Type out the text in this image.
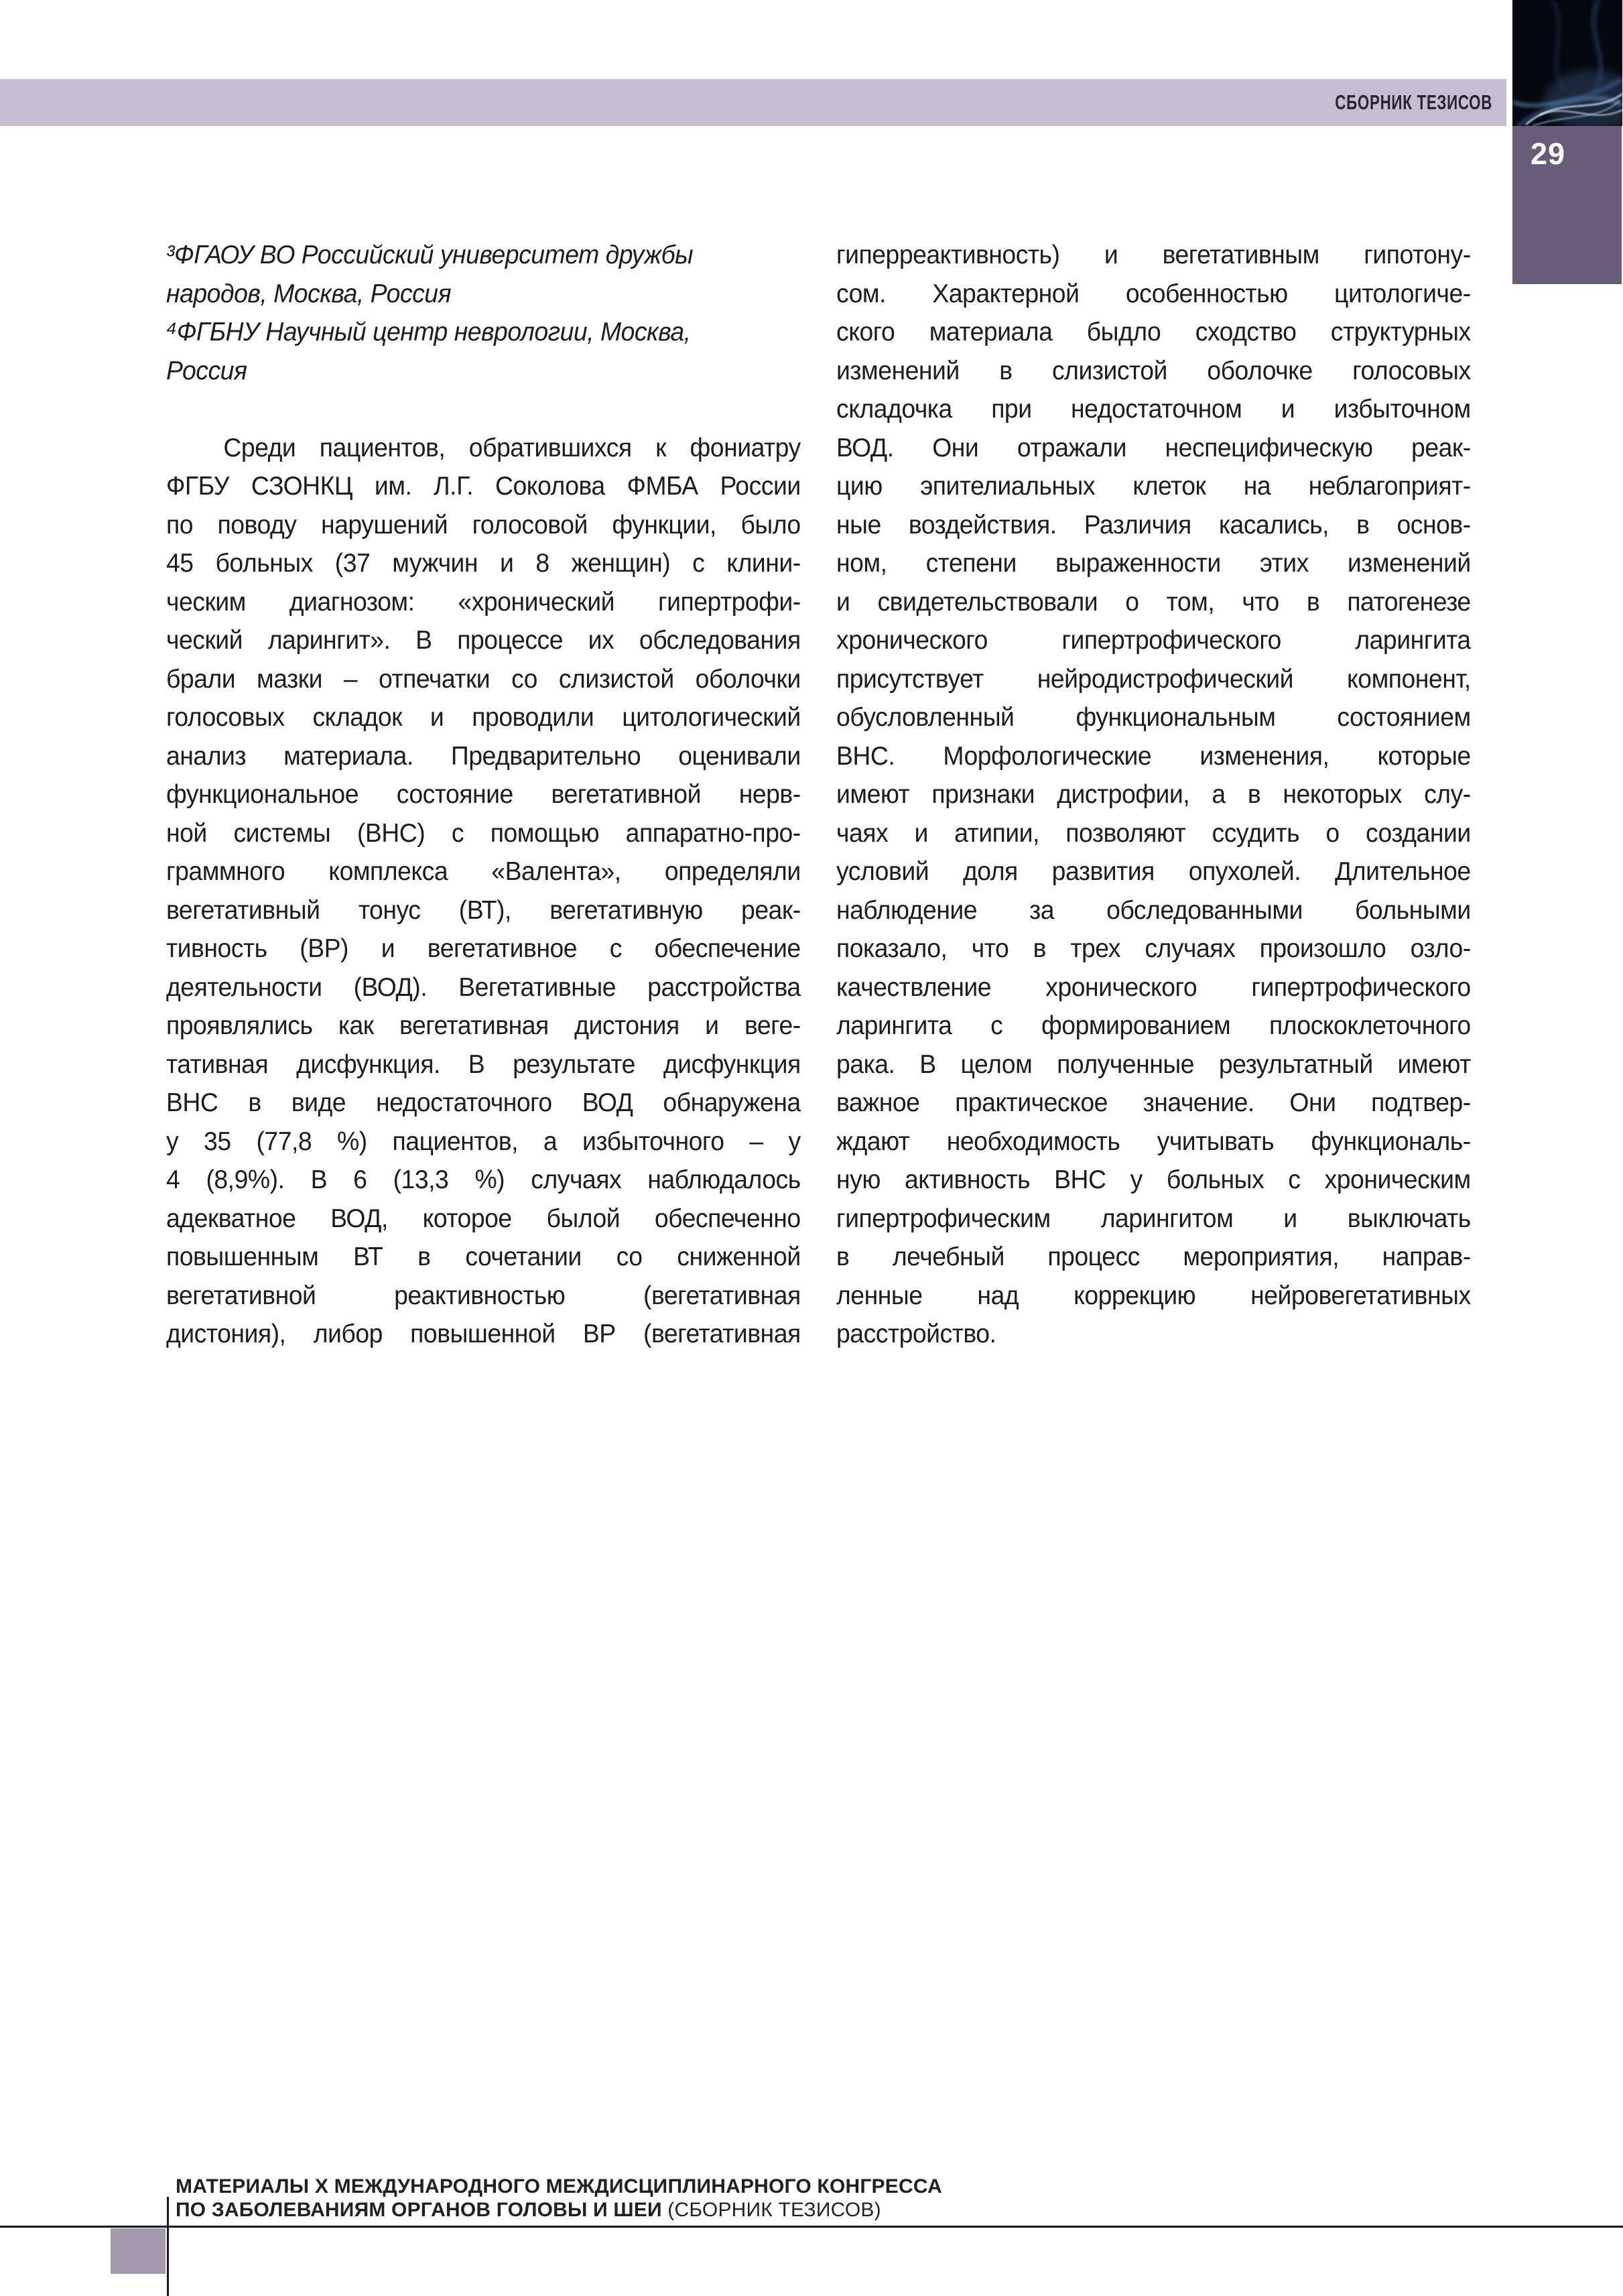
СБОРНИК ТЕЗИСОВ
29
³ФГАОУ ВО Российский университет дружбы
народов, Москва, Россия
⁴ФГБНУ Научный центр неврологии, Москва,
Россия
Среди пациентов, обратившихся к фониатру
ФГБУ СЗОНКЦ им. Л.Г. Соколова ФМБА России
по поводу нарушений голосовой функции, было
45 больных (37 мужчин и 8 женщин) с клини-
ческим диагнозом: «хронический гипертрофи-
ческий ларингит». В процессе их обследования
брали мазки – отпечатки со слизистой оболочки
голосовых складок и проводили цитологический
анализ материала. Предварительно оценивали
функциональное состояние вегетативной нерв-
ной системы (ВНС) с помощью аппаратно-про-
граммного комплекса «Валента», определяли
вегетативный тонус (ВТ), вегетативную реак-
тивность (ВР) и вегетативное с обеспечение
деятельности (ВОД). Вегетативные расстройства
проявлялись как вегетативная дистония и веге-
тативная дисфункция. В результате дисфункция
ВНС в виде недостаточного ВОД обнаружена
у 35 (77,8 %) пациентов, а избыточного – у
4 (8,9%). В 6 (13,3 %) случаях наблюдалось
адекватное ВОД, которое былой обеспеченно
повышенным ВТ в сочетании со сниженной
вегетативной реактивностью (вегетативная
дистония), либор повышенной ВР (вегетативная
гиперреактивность) и вегетативным гипотону-
сом. Характерной особенностью цитологиче-
ского материала быдло сходство структурных
изменений в слизистой оболочке голосовых
складочка при недостаточном и избыточном
ВОД. Они отражали неспецифическую реак-
цию эпителиальных клеток на неблагоприят-
ные воздействия. Различия касались, в основ-
ном, степени выраженности этих изменений
и свидетельствовали о том, что в патогенезе
хронического гипертрофического ларингита
присутствует нейродистрофический компонент,
обусловленный функциональным состоянием
ВНС. Морфологические изменения, которые
имеют признаки дистрофии, а в некоторых слу-
чаях и атипии, позволяют ссудить о создании
условий доля развития опухолей. Длительное
наблюдение за обследованными больными
показало, что в трех случаях произошло озло-
качествление хронического гипертрофического
ларингита с формированием плоскоклеточного
рака. В целом полученные результатный имеют
важное практическое значение. Они подтвер-
ждают необходимость учитывать функциональ-
ную активность ВНС у больных с хроническим
гипертрофическим ларингитом и выключать
в лечебный процесс мероприятия, направ-
ленные над коррекцию нейровегетативных
расстройство.
МАТЕРИАЛЫ X МЕЖДУНАРОДНОГО МЕЖДИСЦИПЛИНАРНОГО КОНГРЕССА
ПО ЗАБОЛЕВАНИЯМ ОРГАНОВ ГОЛОВЫ И ШЕИ (СБОРНИК ТЕЗИСОВ)
